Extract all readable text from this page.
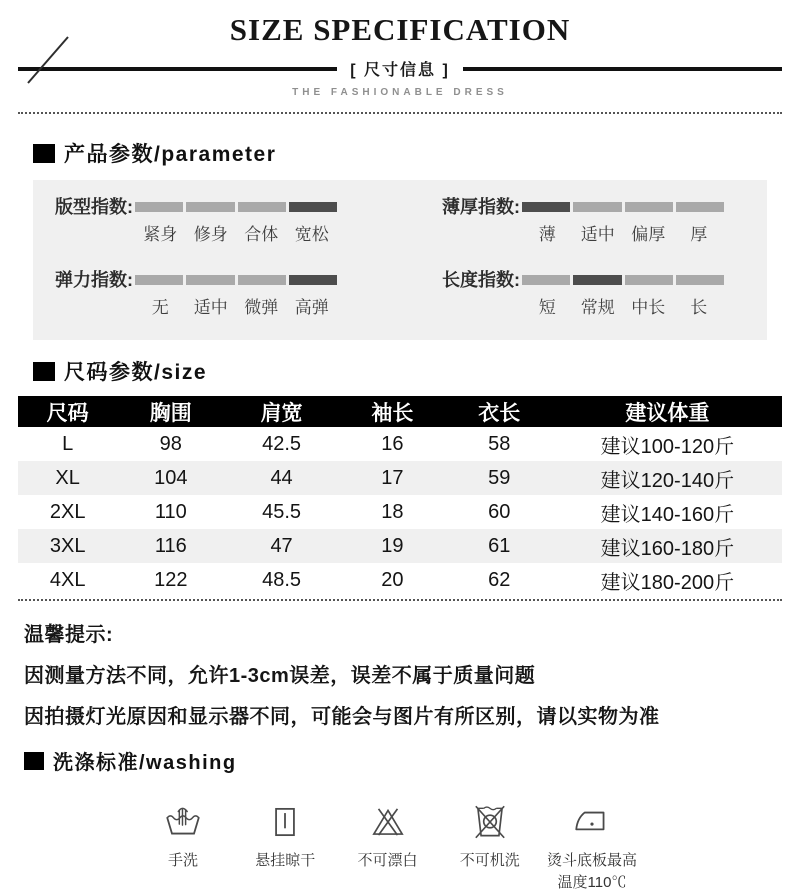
SIZE SPECIFICATION
[ 尺寸信息 ]
THE FASHIONABLE DRESS
产品参数/parameter
版型指数:
紧身 修身 合体 宽松
弹力指数:
无	适中 微弹 高弹
薄厚指数:
薄	适中 偏厚	厚
长度指数:
短	常规 中长	长
尺码参数/size
尺码	胸围	肩宽	袖长	衣长	建议体重
L	98	42.5	16	58	建议100-120斤
XL	104	44	17	59	建议120-140斤
2XL	110	45.5	18	60	建议140-160斤
3XL	116	47	19	61	建议160-180斤
4XL	122	48.5	20	62	建议180-200斤

温馨提示:

因测量方法不同，允许1-3cm误差，误差不属于质量问题

因拍摄灯光原因和显示器不同，可能会与图片有所区别，请以实物为准

洗涤标准/washing
手洗	悬挂晾干	不可漂白	不可机洗 烫斗底板最高温度110℃
